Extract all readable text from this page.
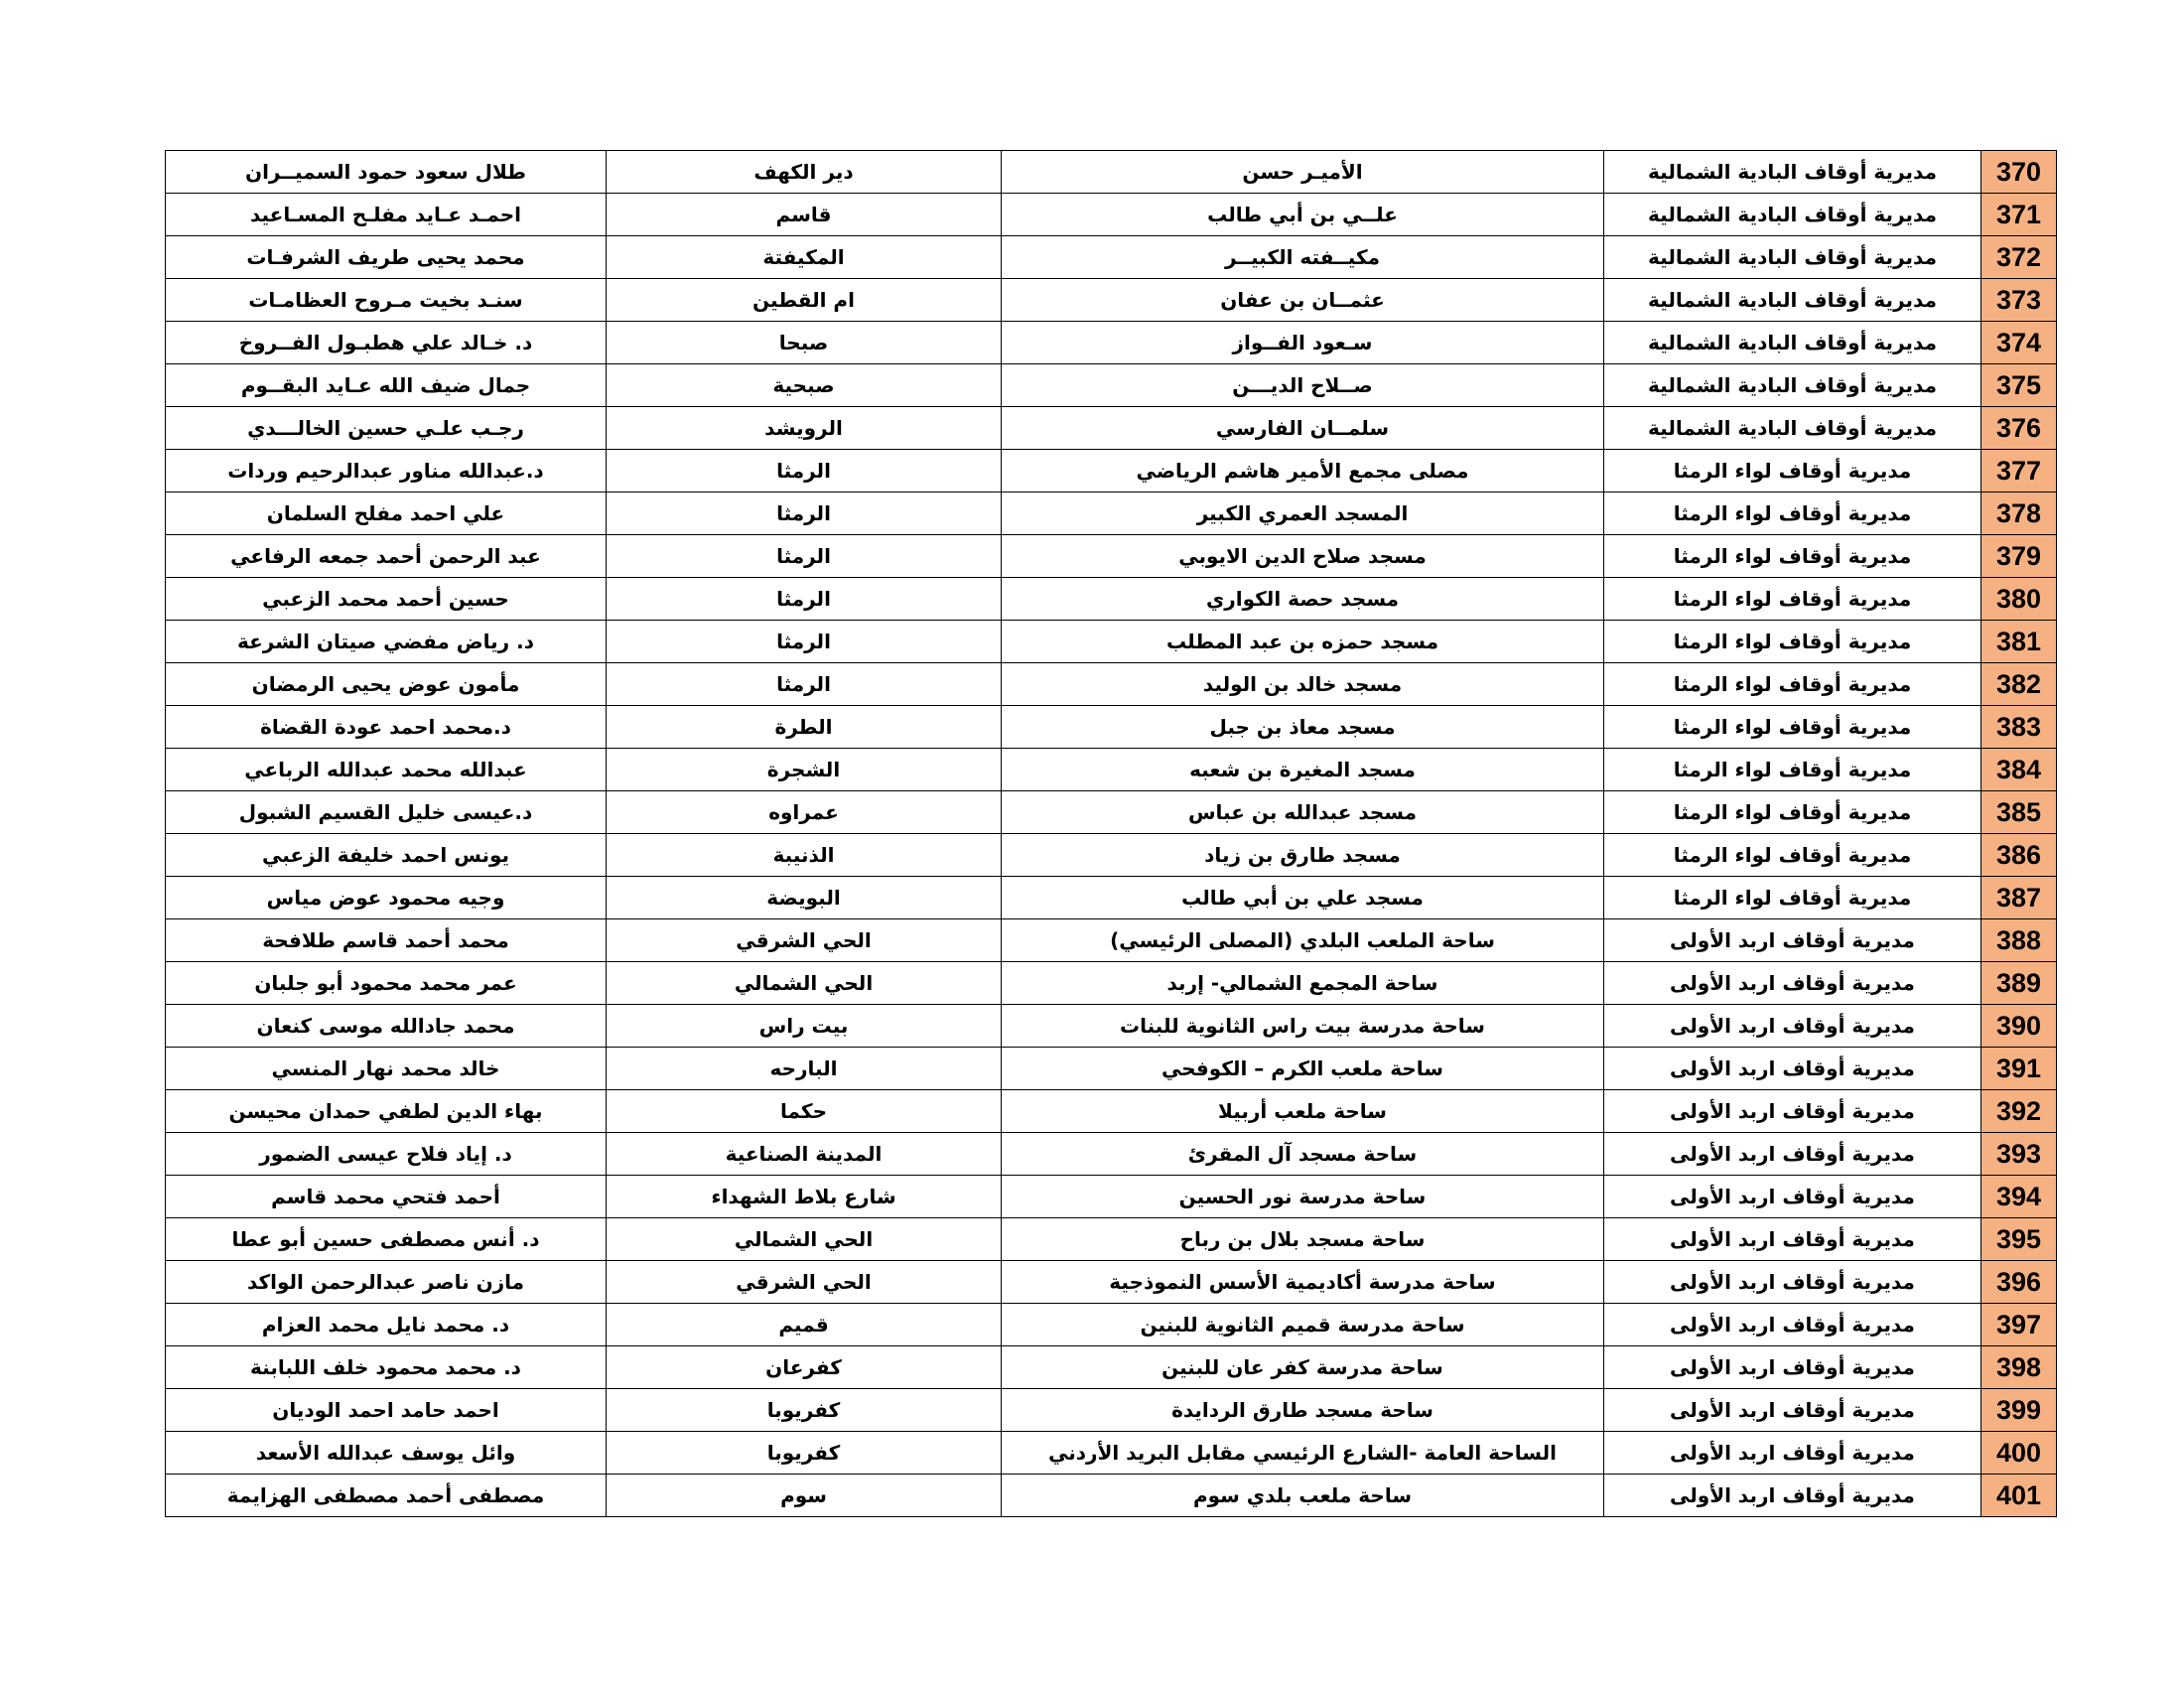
370	مديرية أوقاف البادية الشمالية	الأميـر حسن	دير الكهف	طلال سعود حمود السميــران
371	مديرية أوقاف البادية الشمالية	علــي بن أبي طالب	قاسم	احمـد عـايد مفلـح المسـاعيد
372	مديرية أوقاف البادية الشمالية	مكيــفته الكبيــر	المكيفتة	محمد يحيى طريف الشرفـات
373	مديرية أوقاف البادية الشمالية	عثمــان بن عفان	ام القطين	سنـد بخيت مـروح العظامـات
374	مديرية أوقاف البادية الشمالية	سـعود الفــواز	صبحا	د. خـالد علي هطبـول الفــروخ
375	مديرية أوقاف البادية الشمالية	صــلاح الديـــن	صبحية	جمال ضيف الله عـايد البقــوم
376	مديرية أوقاف البادية الشمالية	سلمــان الفارسي	الرويشد	رجـب علـي حسين الخالـــدي
377	مديرية أوقاف لواء الرمثا	مصلى مجمع الأمير هاشم الرياضي	الرمثا	د.عبدالله مناور عبدالرحيم وردات
378	مديرية أوقاف لواء الرمثا	المسجد العمري الكبير	الرمثا	علي احمد مفلح السلمان
379	مديرية أوقاف لواء الرمثا	مسجد صلاح الدين الايوبي	الرمثا	عبد الرحمن أحمد جمعه الرفاعي
380	مديرية أوقاف لواء الرمثا	مسجد حصة الكواري	الرمثا	حسين أحمد محمد الزعبي
381	مديرية أوقاف لواء الرمثا	مسجد حمزه بن عبد المطلب	الرمثا	د. رياض مفضي صيتان الشرعة
382	مديرية أوقاف لواء الرمثا	مسجد خالد بن الوليد	الرمثا	مأمون عوض يحيى الرمضان
383	مديرية أوقاف لواء الرمثا	مسجد معاذ بن جبل	الطرة	د.محمد احمد عودة القضاة
384	مديرية أوقاف لواء الرمثا	مسجد المغيرة بن شعبه	الشجرة	عبدالله محمد عبدالله الرباعي
385	مديرية أوقاف لواء الرمثا	مسجد عبدالله بن عباس	عمراوه	د.عيسى خليل القسيم الشبول
386	مديرية أوقاف لواء الرمثا	مسجد طارق بن زياد	الذنيبة	يونس احمد خليفة الزعبي
387	مديرية أوقاف لواء الرمثا	مسجد علي بن أبي طالب	البويضة	وجيه محمود عوض مياس
388	مديرية أوقاف اربد الأولى	ساحة الملعب البلدي (المصلى الرئيسي)	الحي الشرقي	محمد أحمد قاسم طلافحة
389	مديرية أوقاف اربد الأولى	ساحة المجمع الشمالي- إربد	الحي الشمالي	عمر محمد محمود أبو جلبان
390	مديرية أوقاف اربد الأولى	ساحة مدرسة بيت راس الثانوية للبنات	بيت راس	محمد جادالله موسى كنعان
391	مديرية أوقاف اربد الأولى	ساحة ملعب الكرم – الكوفحي	البارحه	خالد محمد نهار المنسي
392	مديرية أوقاف اربد الأولى	ساحة ملعب أربيلا	حكما	بهاء الدين لطفي حمدان محيسن
393	مديرية أوقاف اربد الأولى	ساحة مسجد آل المقرئ	المدينة الصناعية	د. إياد فلاح عيسى الضمور
394	مديرية أوقاف اربد الأولى	ساحة مدرسة نور الحسين	شارع بلاط الشهداء	أحمد فتحي محمد قاسم
395	مديرية أوقاف اربد الأولى	ساحة مسجد بلال بن رباح	الحي الشمالي	د. أنس مصطفى حسين أبو عطا
396	مديرية أوقاف اربد الأولى	ساحة مدرسة أكاديمية الأسس النموذجية	الحي الشرقي	مازن ناصر عبدالرحمن الواكد
397	مديرية أوقاف اربد الأولى	ساحة مدرسة قميم الثانوية للبنين	قميم	د. محمد نايل محمد العزام
398	مديرية أوقاف اربد الأولى	ساحة مدرسة كفر عان للبنين	كفرعان	د. محمد محمود خلف اللبابنة
399	مديرية أوقاف اربد الأولى	ساحة مسجد طارق الردايدة	كفريوبا	احمد حامد احمد الوديان
400	مديرية أوقاف اربد الأولى	الساحة العامة -الشارع الرئيسي مقابل البريد الأردني	كفريوبا	وائل يوسف عبدالله الأسعد
401	مديرية أوقاف اربد الأولى	ساحة ملعب بلدي سوم	سوم	مصطفى أحمد مصطفى الهزايمة
